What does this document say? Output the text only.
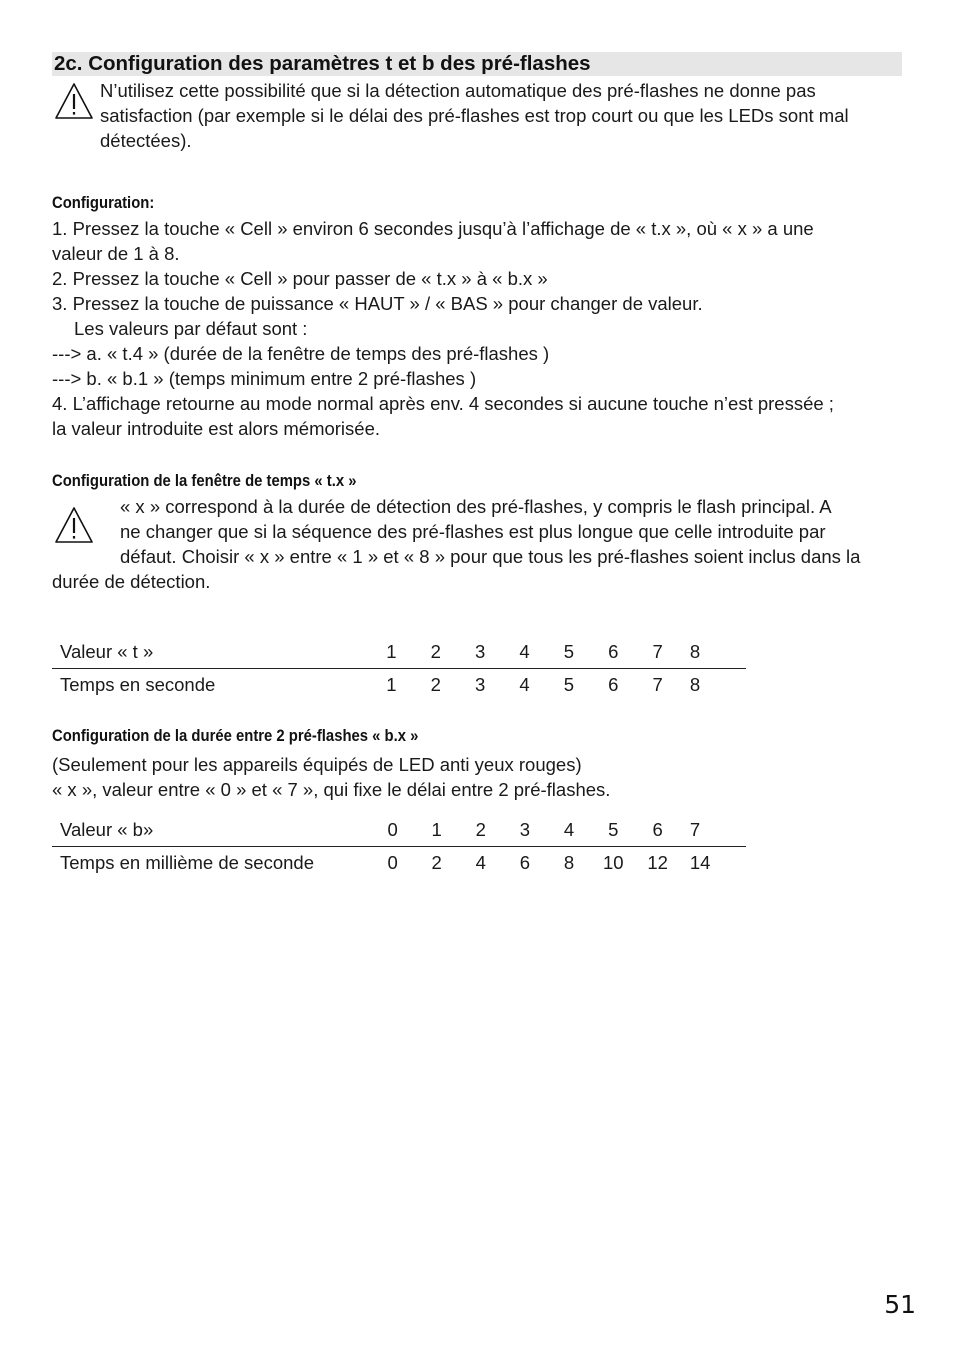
2c. Configuration des paramètres t et b des pré-flashes

N’utilisez cette possibilité que si la détection automatique des pré-flashes ne donne pas
satisfaction (par exemple si le délai des pré-flashes est trop court ou que les LEDs sont mal
détectées).

Configuration:

1. Pressez la touche « Cell » environ 6 secondes jusqu’à l’affichage de « t.x », où « x » a une
valeur de 1 à 8.
2. Pressez la touche « Cell » pour passer de « t.x » à « b.x »
3. Pressez la touche de puissance « HAUT » / « BAS » pour changer de valeur.
Les valeurs par défaut sont :
---> a. « t.4 » (durée de la fenêtre de temps des pré-flashes )
---> b. « b.1 » (temps minimum entre 2 pré-flashes )
4. L’affichage retourne au mode normal après env. 4 secondes si aucune touche n’est pressée ;
la valeur introduite est alors mémorisée.

Configuration de la fenêtre de temps « t.x »

« x » correspond à la durée de détection des pré-flashes, y compris le flash principal. A
ne changer que si la séquence des pré-flashes est plus longue que celle introduite par
défaut. Choisir « x » entre « 1 » et « 8 » pour que tous les pré-flashes soient inclus dans la
durée de détection.
Valeur « t »	1	2	3	4	5	6	7	8
Temps en seconde	1	2	3	4	5	6	7	8

Configuration de la durée entre 2 pré-flashes « b.x »

(Seulement pour les appareils équipés de LED anti yeux rouges)
« x », valeur entre « 0 » et « 7 », qui fixe le délai entre 2 pré-flashes.

Valeur « b»	0	1	2	3	4	5	6	7
Temps en millième de seconde	0	2	4	6	8	10	12	14
51
